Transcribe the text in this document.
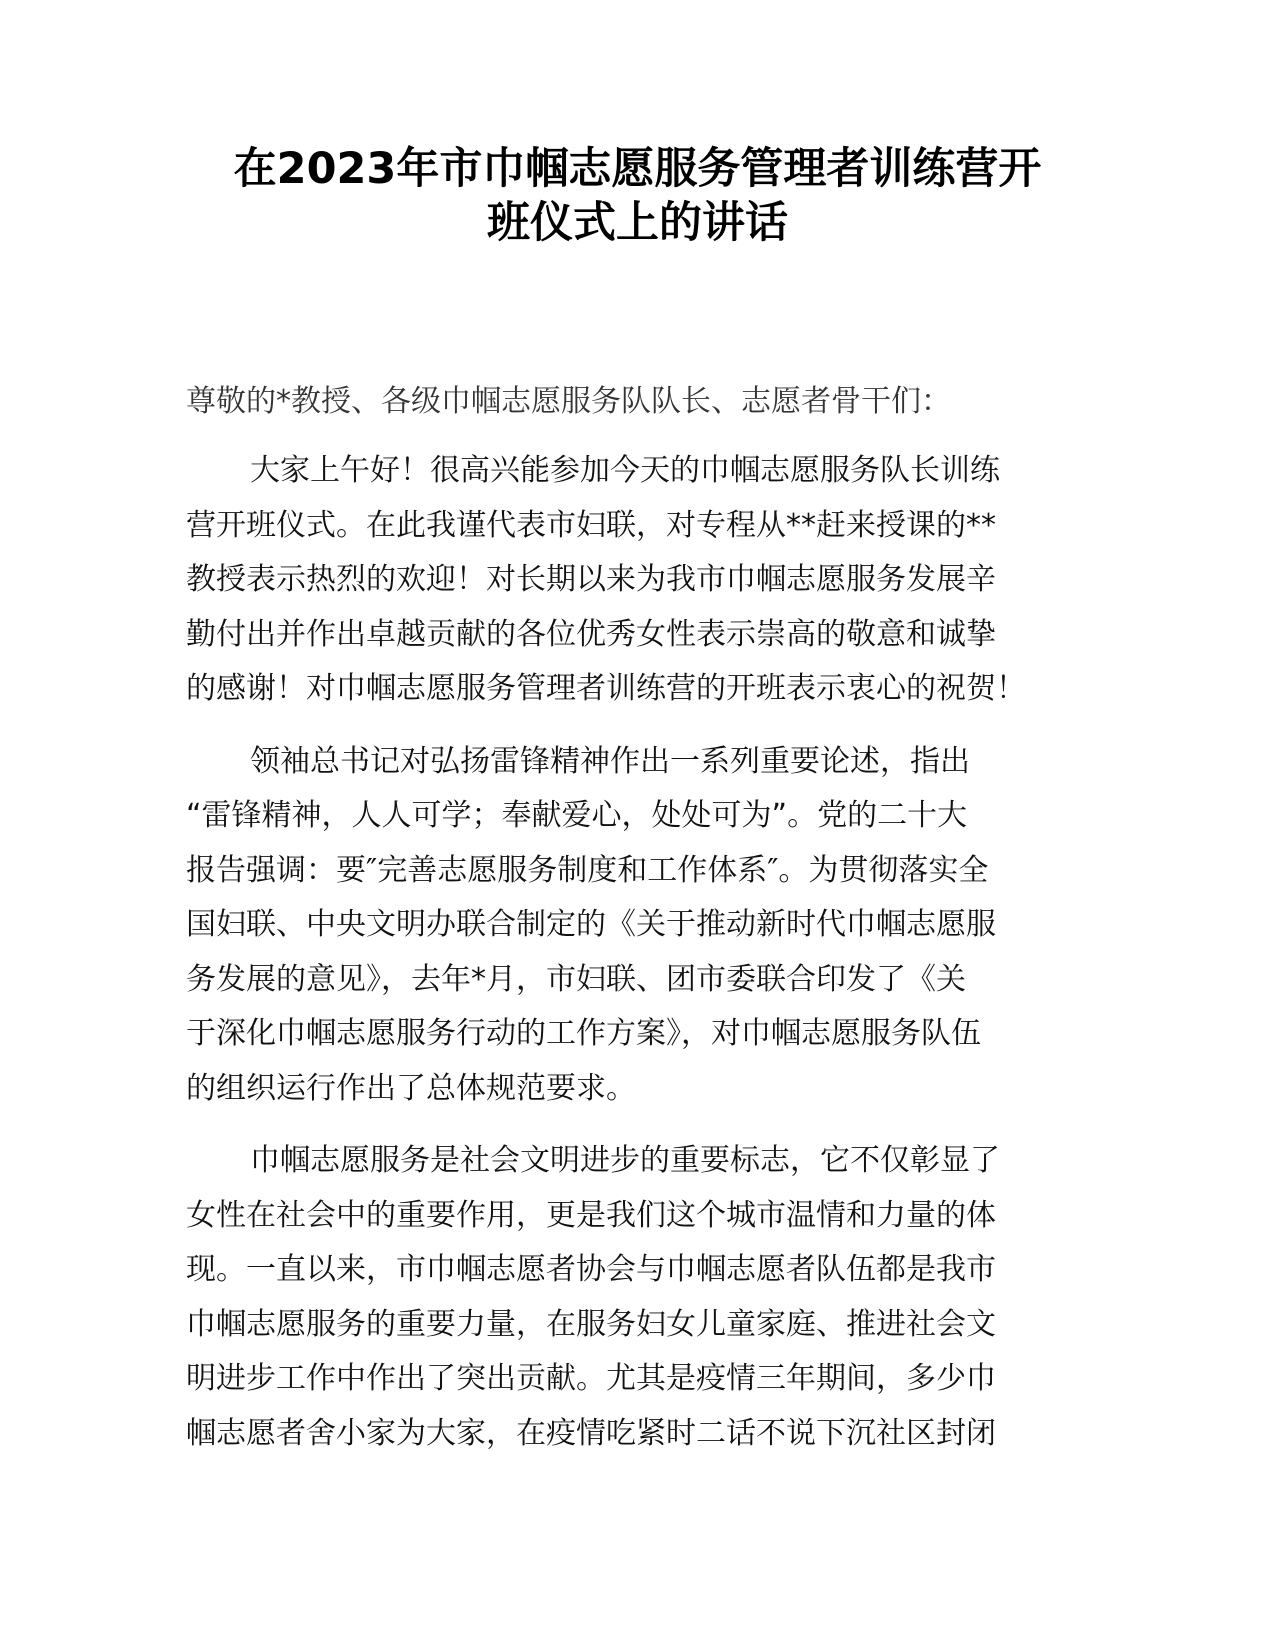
在2023年市巾帼志愿服务管理者训练营开
班仪式上的讲话

尊敬的*教授、各级巾帼志愿服务队队长、志愿者骨干们：

大家上午好！很高兴能参加今天的巾帼志愿服务队长训练
营开班仪式。在此我谨代表市妇联，对专程从**赶来授课的**
教授表示热烈的欢迎！对长期以来为我市巾帼志愿服务发展辛
勤付出并作出卓越贡献的各位优秀女性表示崇高的敬意和诚挚
的感谢！对巾帼志愿服务管理者训练营的开班表示衷心的祝贺！
领袖总书记对弘扬雷锋精神作出一系列重要论述，指出
“雷锋精神，人人可学；奉献爱心，处处可为”。党的二十大
报告强调：要″完善志愿服务制度和工作体系″。为贯彻落实全
国妇联、中央文明办联合制定的《关于推动新时代巾帼志愿服
务发展的意见》，去年*月，市妇联、团市委联合印发了《关
于深化巾帼志愿服务行动的工作方案》，对巾帼志愿服务队伍
的组织运行作出了总体规范要求。
巾帼志愿服务是社会文明进步的重要标志，它不仅彰显了
女性在社会中的重要作用，更是我们这个城市温情和力量的体
现。一直以来，市巾帼志愿者协会与巾帼志愿者队伍都是我市
巾帼志愿服务的重要力量，在服务妇女儿童家庭、推进社会文
明进步工作中作出了突出贡献。尤其是疫情三年期间，多少巾
帼志愿者舍小家为大家，在疫情吃紧时二话不说下沉社区封闭
